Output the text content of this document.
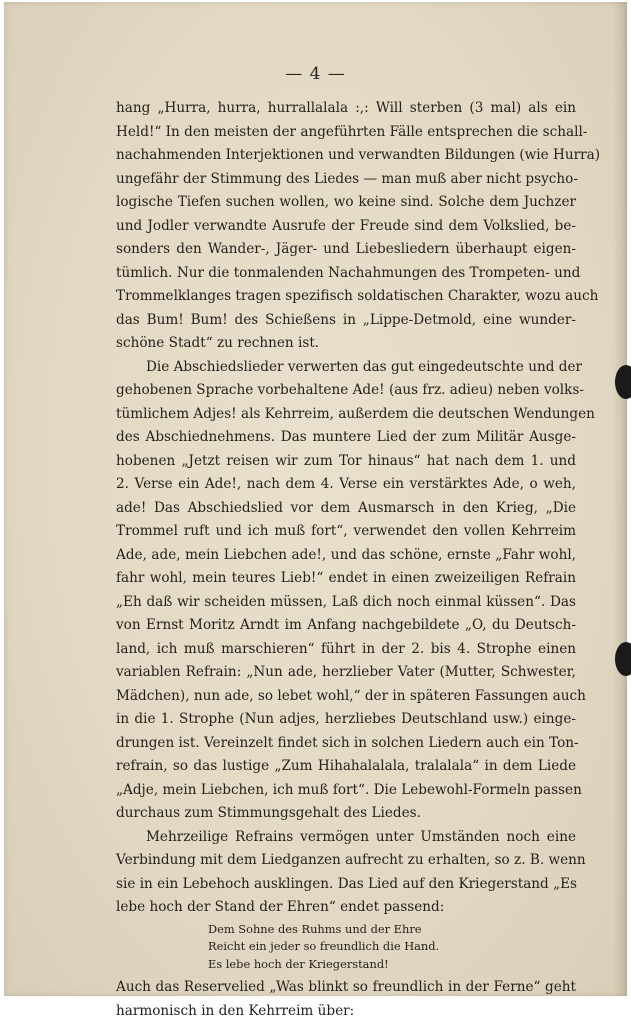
— 4 —
hang „Hurra, hurra, hurrallalala :,: Will sterben (3 mal) als ein
Held!“ In den meisten der angeführten Fälle entsprechen die schall-
nachahmenden Interjektionen und verwandten Bildungen (wie Hurra)
ungefähr der Stimmung des Liedes — man muß aber nicht psycho-
logische Tiefen suchen wollen, wo keine sind. Solche dem Juchzer
und Jodler verwandte Ausrufe der Freude sind dem Volkslied, be-
sonders den Wander-, Jäger- und Liebesliedern überhaupt eigen-
tümlich. Nur die tonmalenden Nachahmungen des Trompeten- und
Trommelklanges tragen spezifisch soldatischen Charakter, wozu auch
das Bum! Bum! des Schießens in „Lippe-Detmold, eine wunder-
schöne Stadt“ zu rechnen ist.
Die Abschiedslieder verwerten das gut eingedeutschte und der
gehobenen Sprache vorbehaltene Ade! (aus frz. adieu) neben volks-
tümlichem Adjes! als Kehrreim, außerdem die deutschen Wendungen
des Abschiednehmens. Das muntere Lied der zum Militär Ausge-
hobenen „Jetzt reisen wir zum Tor hinaus“ hat nach dem 1. und
2. Verse ein Ade!, nach dem 4. Verse ein verstärktes Ade, o weh,
ade! Das Abschiedslied vor dem Ausmarsch in den Krieg, „Die
Trommel ruft und ich muß fort“, verwendet den vollen Kehrreim
Ade, ade, mein Liebchen ade!, und das schöne, ernste „Fahr wohl,
fahr wohl, mein teures Lieb!“ endet in einen zweizeiligen Refrain
„Eh daß wir scheiden müssen, Laß dich noch einmal küssen“. Das
von Ernst Moritz Arndt im Anfang nachgebildete „O, du Deutsch-
land, ich muß marschieren“ führt in der 2. bis 4. Strophe einen
variablen Refrain: „Nun ade, herzlieber Vater (Mutter, Schwester,
Mädchen), nun ade, so lebet wohl,“ der in späteren Fassungen auch
in die 1. Strophe (Nun adjes, herzliebes Deutschland usw.) einge-
drungen ist. Vereinzelt findet sich in solchen Liedern auch ein Ton-
refrain, so das lustige „Zum Hihahalalala, tralalala“ in dem Liede
„Adje, mein Liebchen, ich muß fort“. Die Lebewohl-Formeln passen
durchaus zum Stimmungsgehalt des Liedes.
Mehrzeilige Refrains vermögen unter Umständen noch eine
Verbindung mit dem Liedganzen aufrecht zu erhalten, so z. B. wenn
sie in ein Lebehoch ausklingen. Das Lied auf den Kriegerstand „Es
lebe hoch der Stand der Ehren“ endet passend:
Dem Sohne des Ruhms und der Ehre
Reicht ein jeder so freundlich die Hand.
Es lebe hoch der Kriegerstand!
Auch das Reservelied „Was blinkt so freundlich in der Ferne“ geht
harmonisch in den Kehrreim über:
